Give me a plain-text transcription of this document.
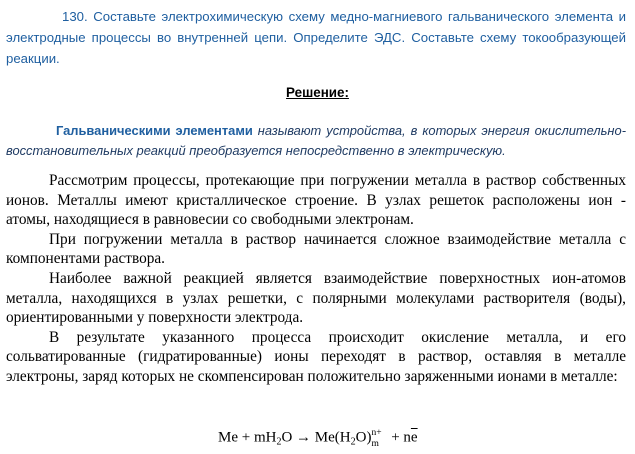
130. Составьте электрохимическую схему медно-магниевого гальванического элемента и электродные процессы во внутренней цепи. Определите ЭДС. Составьте схему токообразующей реакции.

Решение:

Гальваническими элементами называют устройства, в которых энергия окислительно-восстановительных реакций преобразуется непосредственно в электрическую.

Рассмотрим процессы, протекающие при погружении металла в раствор собственных ионов. Металлы имеют кристаллическое строение. В узлах решеток расположены ион - атомы, находящиеся в равновесии со свободными электронам.

При погружении металла в раствор начинается сложное взаимодействие металла с компонентами раствора.

Наиболее важной реакцией является взаимодействие поверхностных ион-атомов металла, находящихся в узлах решетки, с полярными молекулами растворителя (воды), ориентированными у поверхности электрода.

В результате указанного процесса происходит окисление металла, и его сольватированные (гидратированные) ионы переходят в раствор, оставляя в металле электроны, заряд которых не скомпенсирован положительно заряженными ионами в металле:

$Me + mH_2O \to Me(H_2O)$ n+
$m + n\overline{e}$
